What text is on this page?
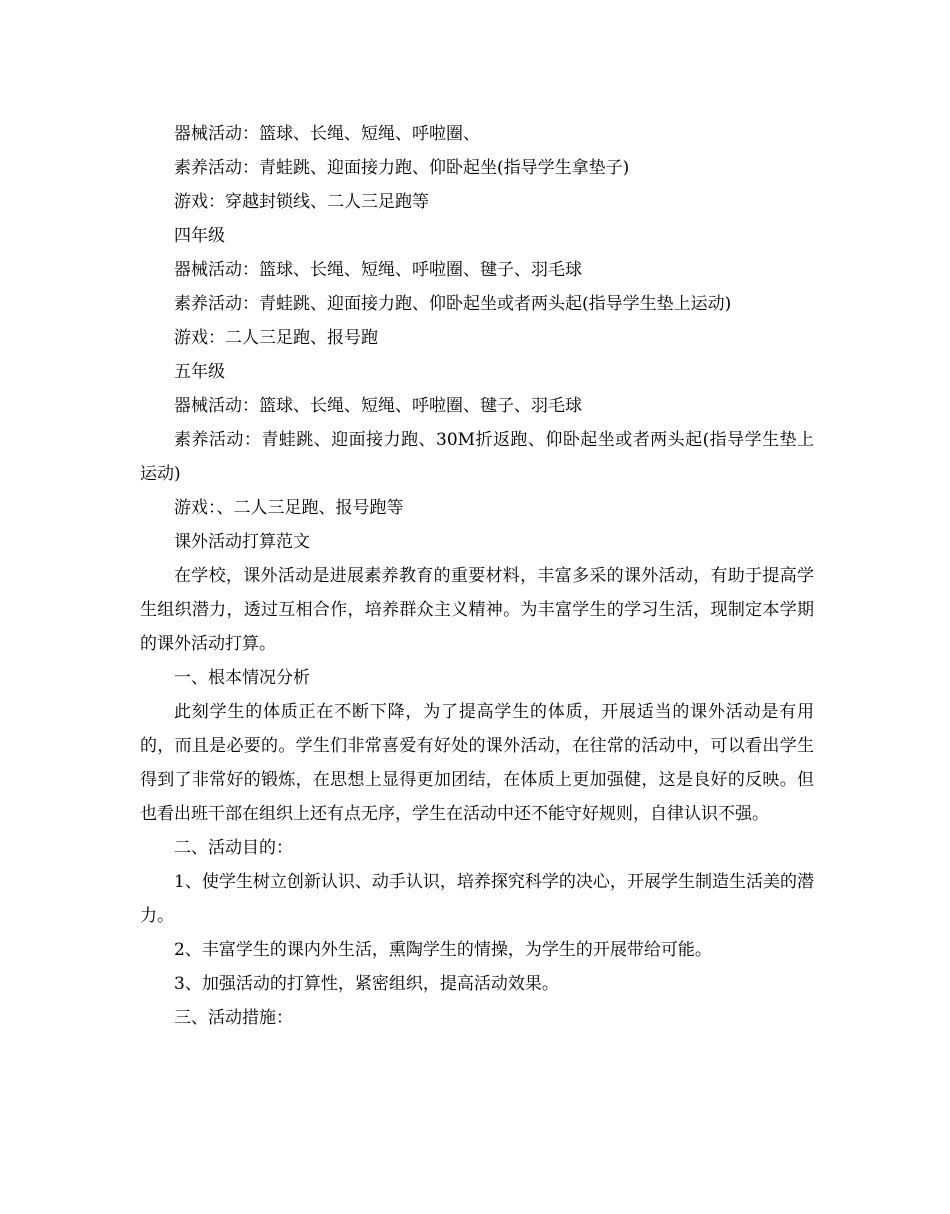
器械活动：篮球、长绳、短绳、呼啦圈、

素养活动：青蛙跳、迎面接力跑、仰卧起坐(指导学生拿垫子)

游戏：穿越封锁线、二人三足跑等

四年级

器械活动：篮球、长绳、短绳、呼啦圈、毽子、羽毛球

素养活动：青蛙跳、迎面接力跑、仰卧起坐或者两头起(指导学生垫上运动)

游戏：二人三足跑、报号跑

五年级

器械活动：篮球、长绳、短绳、呼啦圈、毽子、羽毛球

素养活动：青蛙跳、迎面接力跑、30M折返跑、仰卧起坐或者两头起(指导学生垫上运动)

游戏：、二人三足跑、报号跑等

课外活动打算范文

在学校，课外活动是进展素养教育的重要材料，丰富多采的课外活动，有助于提高学生组织潜力，透过互相合作，培养群众主义精神。为丰富学生的学习生活，现制定本学期的课外活动打算。

一、根本情况分析

此刻学生的体质正在不断下降，为了提高学生的体质，开展适当的课外活动是有用的，而且是必要的。学生们非常喜爱有好处的课外活动，在往常的活动中，可以看出学生得到了非常好的锻炼，在思想上显得更加团结，在体质上更加强健，这是良好的反映。但也看出班干部在组织上还有点无序，学生在活动中还不能守好规则，自律认识不强。

二、活动目的：

1、使学生树立创新认识、动手认识，培养探究科学的决心，开展学生制造生活美的潜力。

2、丰富学生的课内外生活，熏陶学生的情操，为学生的开展带给可能。

3、加强活动的打算性，紧密组织，提高活动效果。

三、活动措施：
